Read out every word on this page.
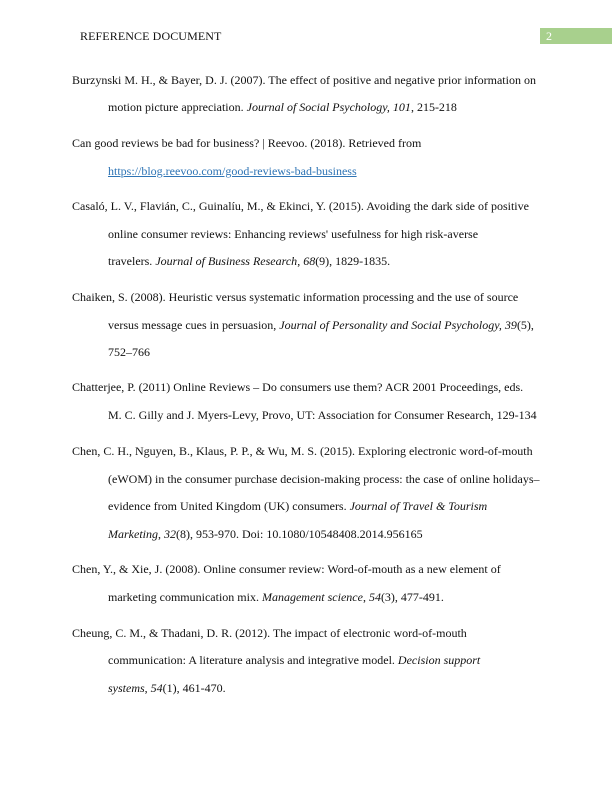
REFERENCE DOCUMENT	2
Burzynski M. H., & Bayer, D. J. (2007). The effect of positive and negative prior information on
motion picture appreciation. Journal of Social Psychology, 101, 215-218
Can good reviews be bad for business? | Reevoo. (2018). Retrieved from
https://blog.reevoo.com/good-reviews-bad-business
Casaló, L. V., Flavián, C., Guinalíu, M., & Ekinci, Y. (2015). Avoiding the dark side of positive
online consumer reviews: Enhancing reviews' usefulness for high risk-averse
travelers. Journal of Business Research, 68(9), 1829-1835.
Chaiken, S. (2008). Heuristic versus systematic information processing and the use of source
versus message cues in persuasion, Journal of Personality and Social Psychology, 39(5),
752–766
Chatterjee, P. (2011) Online Reviews – Do consumers use them? ACR 2001 Proceedings, eds.
M. C. Gilly and J. Myers-Levy, Provo, UT: Association for Consumer Research, 129-134
Chen, C. H., Nguyen, B., Klaus, P. P., & Wu, M. S. (2015). Exploring electronic word-of-mouth
(eWOM) in the consumer purchase decision-making process: the case of online holidays–
evidence from United Kingdom (UK) consumers. Journal of Travel & Tourism
Marketing, 32(8), 953-970. Doi: 10.1080/10548408.2014.956165
Chen, Y., & Xie, J. (2008). Online consumer review: Word-of-mouth as a new element of
marketing communication mix. Management science, 54(3), 477-491.
Cheung, C. M., & Thadani, D. R. (2012). The impact of electronic word-of-mouth
communication: A literature analysis and integrative model. Decision support
systems, 54(1), 461-470.
